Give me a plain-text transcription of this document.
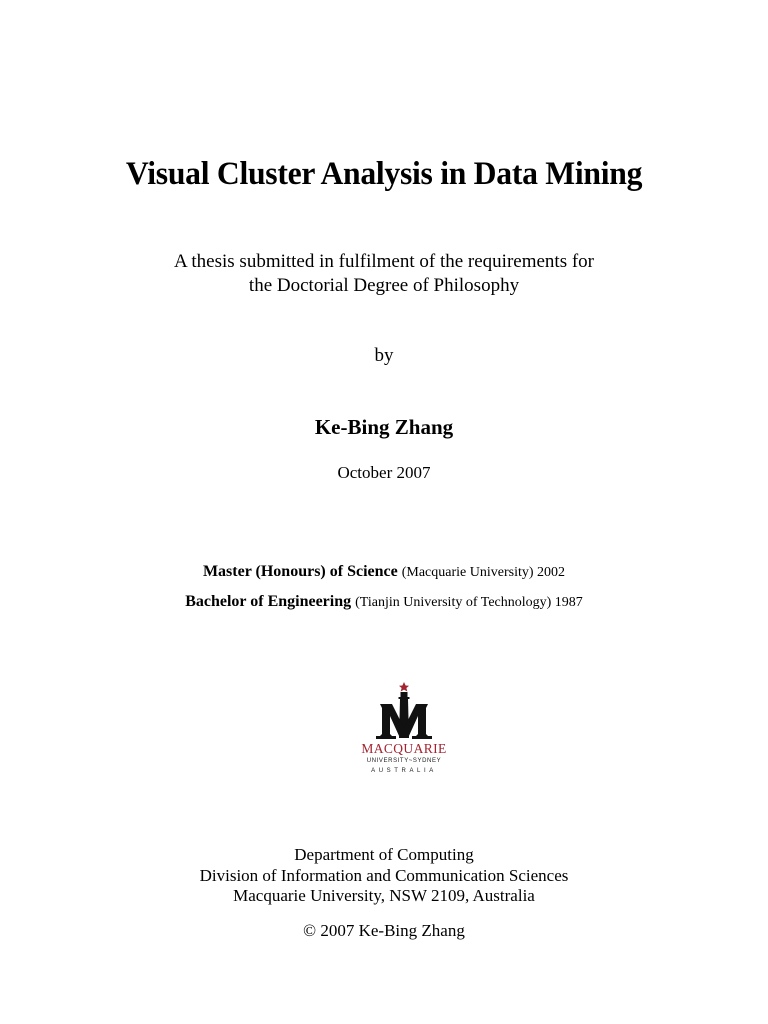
Visual Cluster Analysis in Data Mining
A thesis submitted in fulfilment of the requirements for
the Doctorial Degree of Philosophy
by
Ke-Bing Zhang
October 2007
Master (Honours) of Science (Macquarie University) 2002
Bachelor of Engineering (Tianjin University of Technology) 1987
MACQUARIE
UNIVERSITY~SYDNEY
AUSTRALIA
Department of Computing
Division of Information and Communication Sciences
Macquarie University, NSW 2109, Australia
© 2007 Ke-Bing Zhang
